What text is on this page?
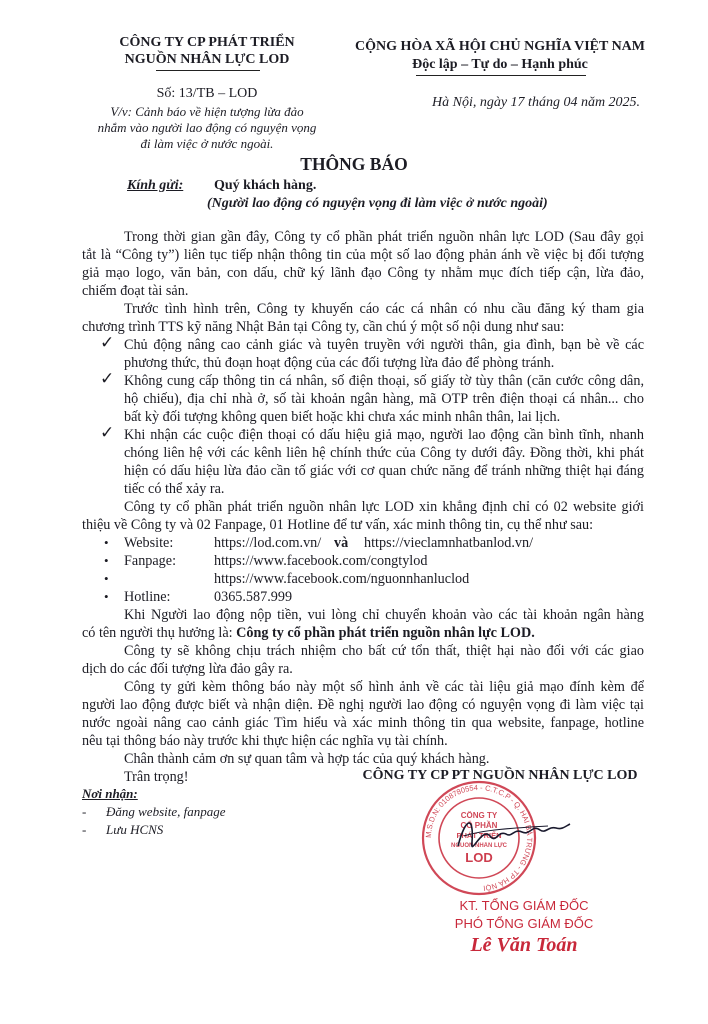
CÔNG TY CP PHÁT TRIỂN
NGUỒN NHÂN LỰC LOD
Số: 13/TB – LOD
V/v: Cảnh báo về hiện tượng lừa đảo
nhắm vào người lao động có nguyện vọng
đi làm việc ở nước ngoài.
CỘNG HÒA XÃ HỘI CHỦ NGHĨA VIỆT NAM
Độc lập – Tự do – Hạnh phúc
Hà Nội, ngày 17 tháng 04 năm 2025.
THÔNG BÁO
Kính gửi: Quý khách hàng.
(Người lao động có nguyện vọng đi làm việc ở nước ngoài)
Trong thời gian gần đây, Công ty cổ phần phát triển nguồn nhân lực LOD (Sau đây gọi
tắt là “Công ty”) liên tục tiếp nhận thông tin của một số lao động phản ánh về việc bị đối tượng
giả mạo logo, văn bản, con dấu, chữ ký lãnh đạo Công ty nhằm mục đích tiếp cận, lừa đảo,
chiếm đoạt tài sản.
Trước tình hình trên, Công ty khuyến cáo các cá nhân có nhu cầu đăng ký tham gia
chương trình TTS kỹ năng Nhật Bản tại Công ty, cần chú ý một số nội dung như sau:
✓ Chủ động nâng cao cảnh giác và tuyên truyền với người thân, gia đình, bạn bè về các
phương thức, thủ đoạn hoạt động của các đối tượng lừa đảo để phòng tránh.
✓ Không cung cấp thông tin cá nhân, số điện thoại, số giấy tờ tùy thân (căn cước công dân,
hộ chiếu), địa chỉ nhà ở, số tài khoản ngân hàng, mã OTP trên điện thoại cá nhân... cho
bất kỳ đối tượng không quen biết hoặc khi chưa xác minh nhân thân, lai lịch.
✓ Khi nhận các cuộc điện thoại có dấu hiệu giả mạo, người lao động cần bình tĩnh, nhanh
chóng liên hệ với các kênh liên hệ chính thức của Công ty dưới đây. Đồng thời, khi phát
hiện có dấu hiệu lừa đảo cần tố giác với cơ quan chức năng để tránh những thiệt hại đáng
tiếc có thể xảy ra.
Công ty cổ phần phát triển nguồn nhân lực LOD xin khẳng định chỉ có 02 website giới
thiệu về Công ty và 02 Fanpage, 01 Hotline để tư vấn, xác minh thông tin, cụ thể như sau:
• Website:	https://lod.com.vn/ và https://vieclamnhatbanlod.vn/
• Fanpage:	https://www.facebook.com/congtylod
•	https://www.facebook.com/nguonnhanluclod
• Hotline:	0365.587.999
Khi Người lao động nộp tiền, vui lòng chỉ chuyển khoản vào các tài khoản ngân hàng
có tên người thụ hưởng là: Công ty cổ phần phát triển nguồn nhân lực LOD.
Công ty sẽ không chịu trách nhiệm cho bất cứ tổn thất, thiệt hại nào đối với các giao
dịch do các đối tượng lừa đảo gây ra.
Công ty gửi kèm thông báo này một số hình ảnh về các tài liệu giả mạo đính kèm để
người lao động được biết và nhận diện. Đề nghị người lao động có nguyện vọng đi làm việc tại
nước ngoài nâng cao cảnh giác Tìm hiểu và xác minh thông tin qua website, fanpage, hotline
nêu tại thông báo này trước khi thực hiện các nghĩa vụ tài chính.
Chân thành cảm ơn sự quan tâm và hợp tác của quý khách hàng.
Trân trọng!
Nơi nhận:
- Đăng website, fanpage
- Lưu HCNS
CÔNG TY CP PT NGUỒN NHÂN LỰC LOD
M.S.D.N: 0108780554 - C.T.C.P - Q. HAI BÀ TRƯNG - TP HÀ NỘI
CÔNG TY
CỔ PHẦN
PHÁT TRIỂN
NGUỒN NHÂN LỰC
LOD
KT. TỔNG GIÁM ĐỐC
PHÓ TỔNG GIÁM ĐỐC
Lê Văn Toán
